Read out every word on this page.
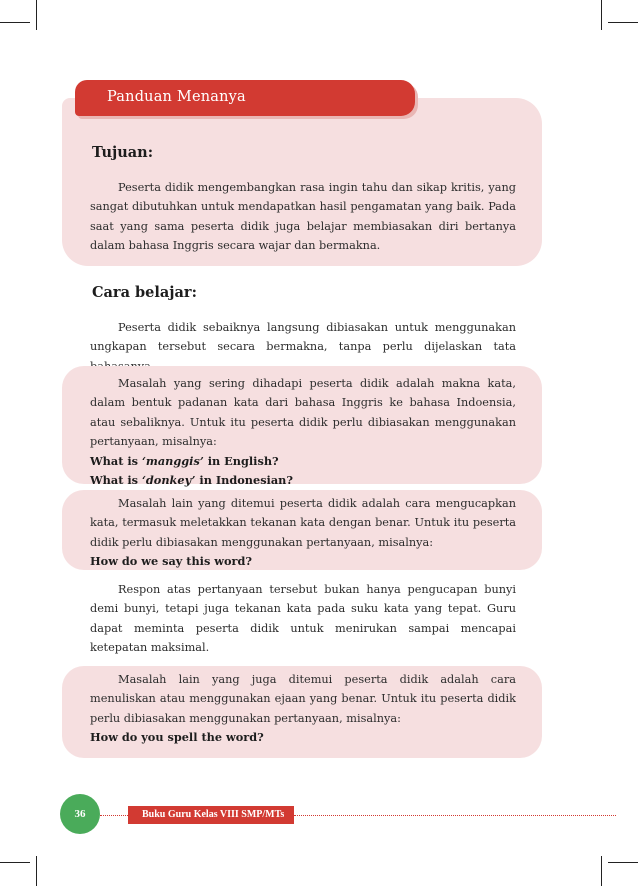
Panduan Menanya
Tujuan:
Peserta didik mengembangkan rasa ingin tahu dan sikap kritis, yang sangat dibutuhkan untuk mendapatkan hasil pengamatan yang baik. Pada saat yang sama peserta didik juga belajar membiasakan diri bertanya dalam bahasa Inggris secara wajar dan bermakna.
Cara belajar:
Peserta didik sebaiknya langsung dibiasakan untuk menggunakan ungkapan tersebut secara bermakna, tanpa perlu dijelaskan tata
Masalah yang sering dihadapi peserta didik adalah makna kata, dalam bentuk padanan kata dari bahasa Inggris ke bahasa Indoensia, atau sebaliknya. Untuk itu peserta didik perlu dibiasakan menggunakan pertanyaan, misalnya:
What is ‘manggis’ in English?
What is ‘donkey’ in Indonesian?
Masalah lain yang ditemui peserta didik adalah cara mengucapkan kata, termasuk meletakkan tekanan kata dengan benar. Untuk itu peserta didik perlu dibiasakan menggunakan pertanyaan, misalnya:
How do we say this word?
Respon atas pertanyaan tersebut bukan hanya pengucapan bunyi demi bunyi, tetapi juga tekanan kata pada suku kata yang tepat. Guru dapat meminta peserta didik untuk menirukan sampai mencapai ketepatan maksimal.
Masalah lain yang juga ditemui peserta didik adalah cara menuliskan atau menggunakan ejaan yang benar. Untuk itu peserta didik perlu dibiasakan menggunakan pertanyaan, misalnya:
How do you spell the word?
36	Buku Guru Kelas VIII SMP/MTs
